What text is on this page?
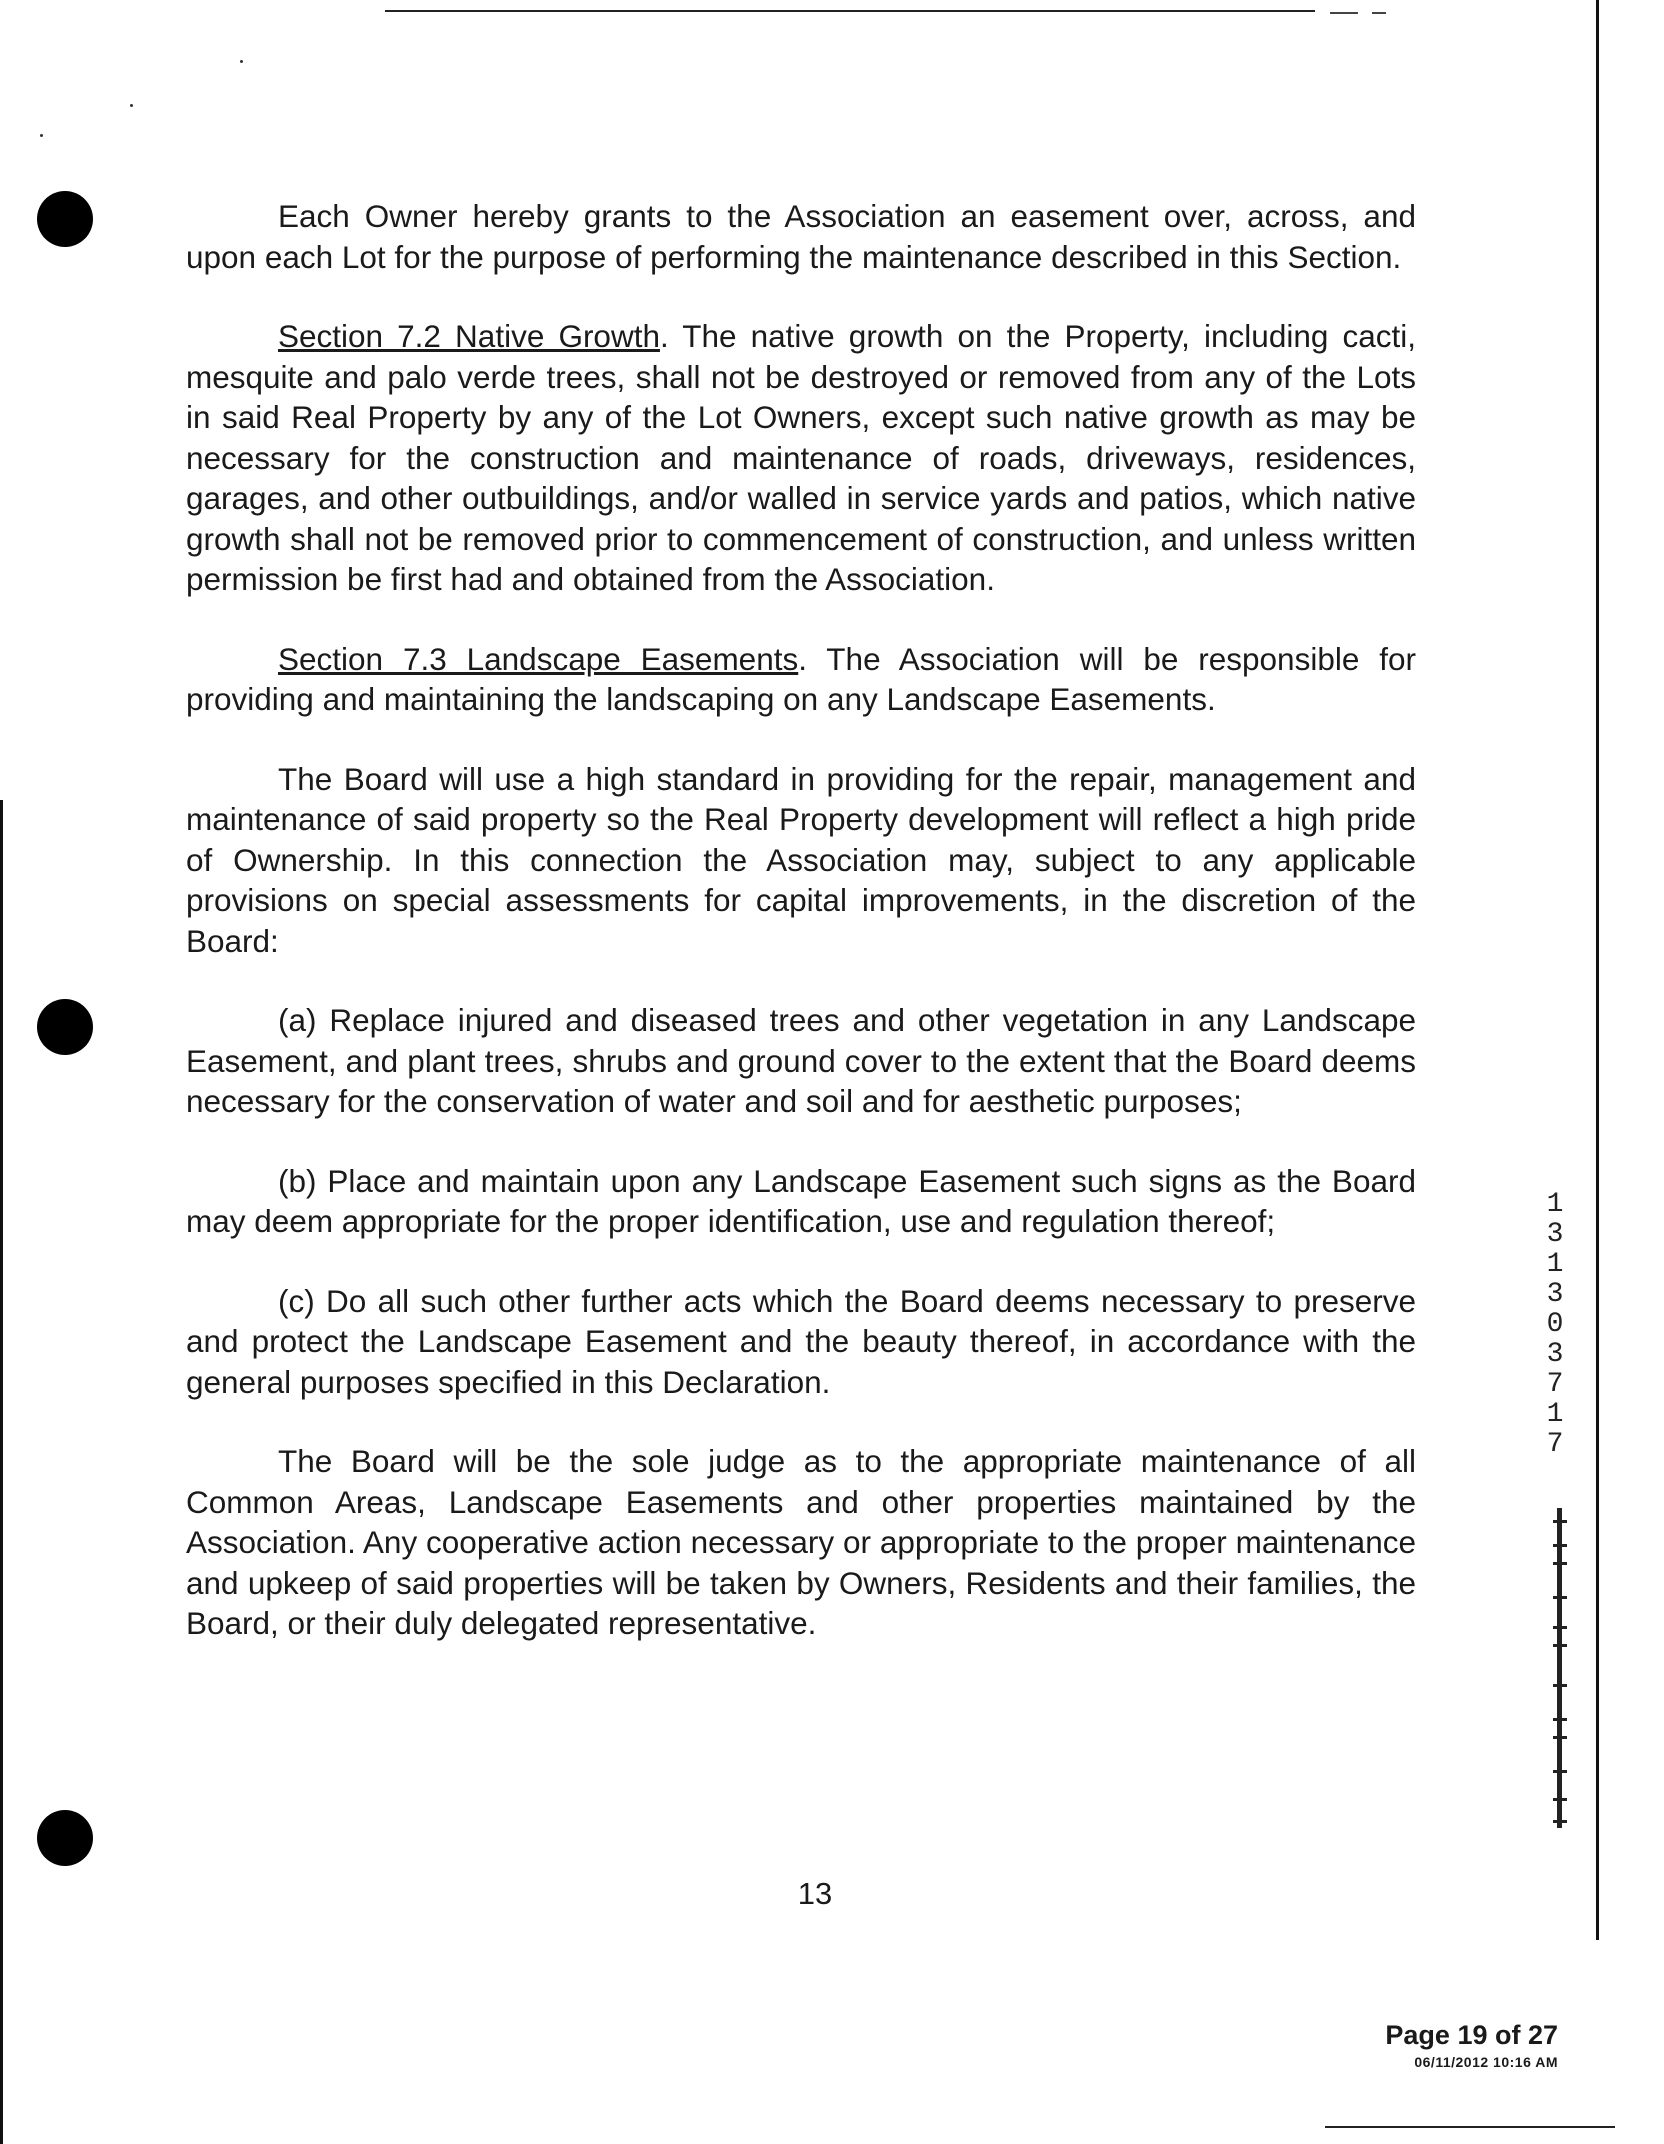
Each Owner hereby grants to the Association an easement over, across, and upon each Lot for the purpose of performing the maintenance described in this Section.

Section 7.2 Native Growth. The native growth on the Property, including cacti, mesquite and palo verde trees, shall not be destroyed or removed from any of the Lots in said Real Property by any of the Lot Owners, except such native growth as may be necessary for the construction and maintenance of roads, driveways, residences, garages, and other outbuildings, and/or walled in service yards and patios, which native growth shall not be removed prior to commencement of construction, and unless written permission be first had and obtained from the Association.

Section 7.3 Landscape Easements. The Association will be responsible for providing and maintaining the landscaping on any Landscape Easements.

The Board will use a high standard in providing for the repair, management and maintenance of said property so the Real Property development will reflect a high pride of Ownership. In this connection the Association may, subject to any applicable provisions on special assessments for capital improvements, in the discretion of the Board:

(a) Replace injured and diseased trees and other vegetation in any Landscape Easement, and plant trees, shrubs and ground cover to the extent that the Board deems necessary for the conservation of water and soil and for aesthetic purposes;

(b) Place and maintain upon any Landscape Easement such signs as the Board may deem appropriate for the proper identification, use and regulation thereof;

(c) Do all such other further acts which the Board deems necessary to preserve and protect the Landscape Easement and the beauty thereof, in accordance with the general purposes specified in this Declaration.

The Board will be the sole judge as to the appropriate maintenance of all Common Areas, Landscape Easements and other properties maintained by the Association. Any cooperative action necessary or appropriate to the proper maintenance and upkeep of said properties will be taken by Owners, Residents and their families, the Board, or their duly delegated representative.

13
1
3
1
3
0
3
7
1
7
Page 19 of 27
06/11/2012 10:16 AM
